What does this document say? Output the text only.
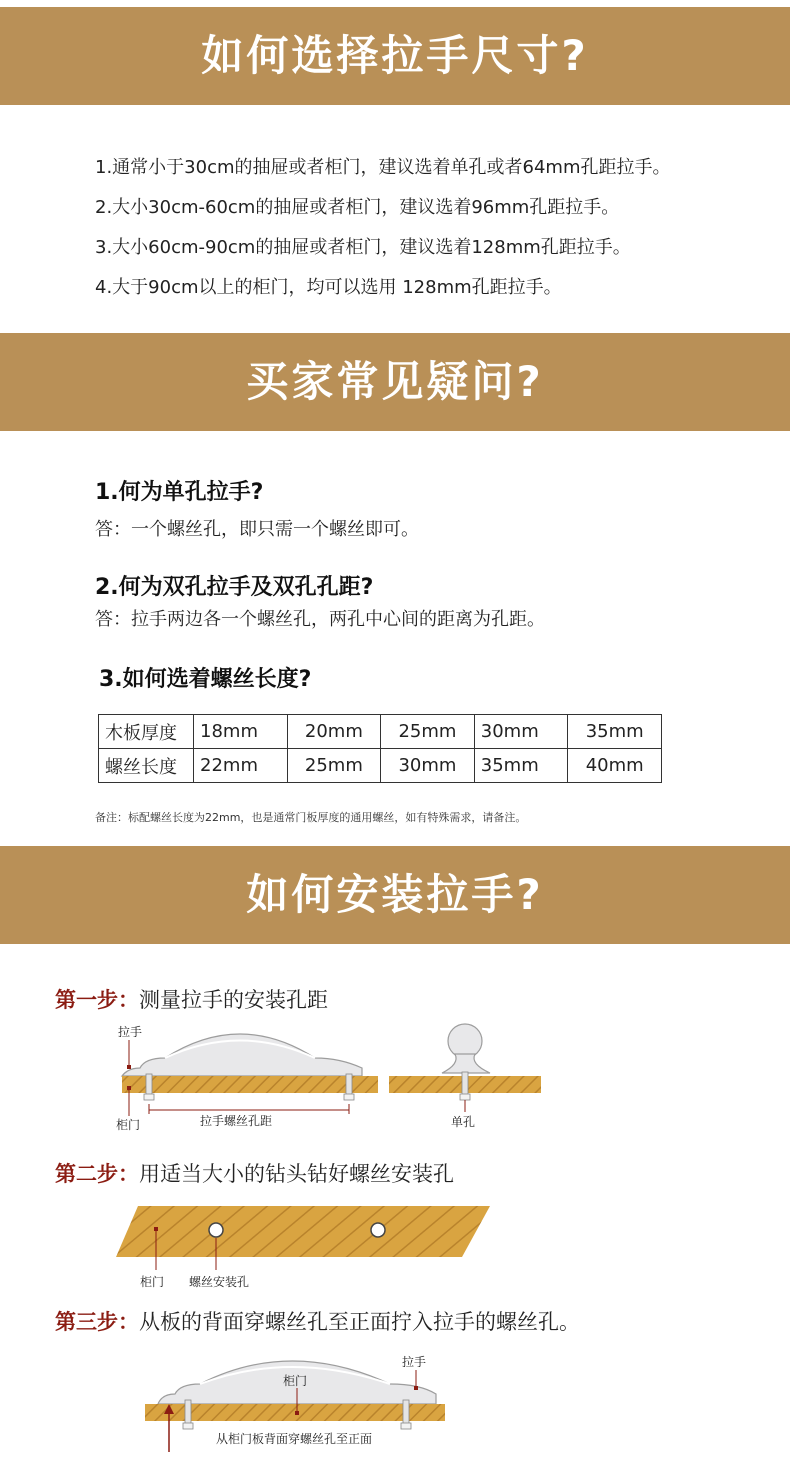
如何选择拉手尺寸?
1.通常小于30cm的抽屉或者柜门，建议选着单孔或者64mm孔距拉手。
2.大小30cm-60cm的抽屉或者柜门，建议选着96mm孔距拉手。
3.大小60cm-90cm的抽屉或者柜门，建议选着128mm孔距拉手。
4.大于90cm以上的柜门，均可以选用 128mm孔距拉手。
买家常见疑问?
1.何为单孔拉手?
答：一个螺丝孔，即只需一个螺丝即可。
2.何为双孔拉手及双孔孔距?
答：拉手两边各一个螺丝孔，两孔中心间的距离为孔距。
3.如何选着螺丝长度?
木板厚度	18mm	20mm	25mm	30mm	35mm
螺丝长度	22mm	25mm	30mm	35mm	40mm
备注：标配螺丝长度为22mm，也是通常门板厚度的通用螺丝，如有特殊需求，请备注。
如何安装拉手?
第一步：测量拉手的安装孔距
拉手
柜门	拉手螺丝孔距	单孔
第二步：用适当大小的钻头钻好螺丝安装孔
柜门 螺丝安装孔
第三步：从板的背面穿螺丝孔至正面拧入拉手的螺丝孔。
拉手
柜门
从柜门板背面穿螺丝孔至正面
